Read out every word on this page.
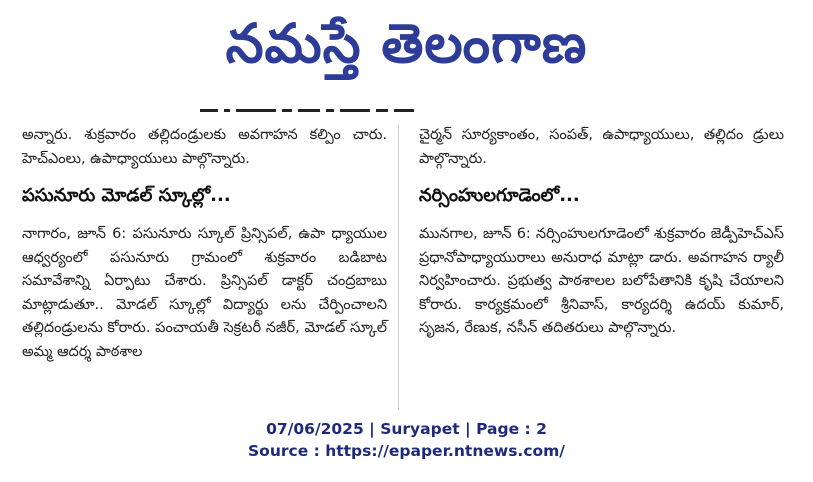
నమస్తే తెలంగాణ

అన్నారు. శుక్రవారం తల్లిదండ్రులకు అవగాహన కల్పిం చారు. హెచ్ఎంలు, ఉపాధ్యాయులు పాల్గొన్నారు.

పసునూరు మోడల్ స్కూల్లో...

నాగారం, జూన్ 6: పసునూరు స్కూల్ ప్రిన్సిపల్, ఉపా ధ్యాయుల ఆధ్వర్యంలో పసునూరు గ్రామంలో శుక్రవారం బడిబాట సమావేశాన్ని ఏర్పాటు చేశారు. ప్రిన్సిపల్ డాక్టర్ చంద్రబాబు మాట్లాడుతూ.. మోడల్ స్కూల్లో విద్యార్థు లను చేర్పించాలని తల్లిదండ్రులను కోరారు. పంచాయతీ సెక్రటరీ నజీర్, మోడల్ స్కూల్ అమ్మ ఆదర్శ పాఠశాల

చైర్మన్ సూర్యకాంతం, సంపత్, ఉపాధ్యాయులు, తల్లిదం డ్రులు పాల్గొన్నారు.

నర్సింహులగూడెంలో...

మునగాల, జూన్ 6: నర్సింహులగూడెంలో శుక్రవారం జెడ్పీహెచ్ఎస్ ప్రధానోపాధ్యాయురాలు అనురాధ మాట్లా డారు. అవగాహన ర్యాలీ నిర్వహించారు. ప్రభుత్వ పాఠశాలల బలోపేతానికి కృషి చేయాలని కోరారు. కార్యక్రమంలో శ్రీనివాస్, కార్యదర్శి ఉదయ్ కుమార్, సృజన, రేణుక, నసీన్ తదితరులు పాల్గొన్నారు.

07/06/2025 | Suryapet | Page : 2
Source : https://epaper.ntnews.com/
